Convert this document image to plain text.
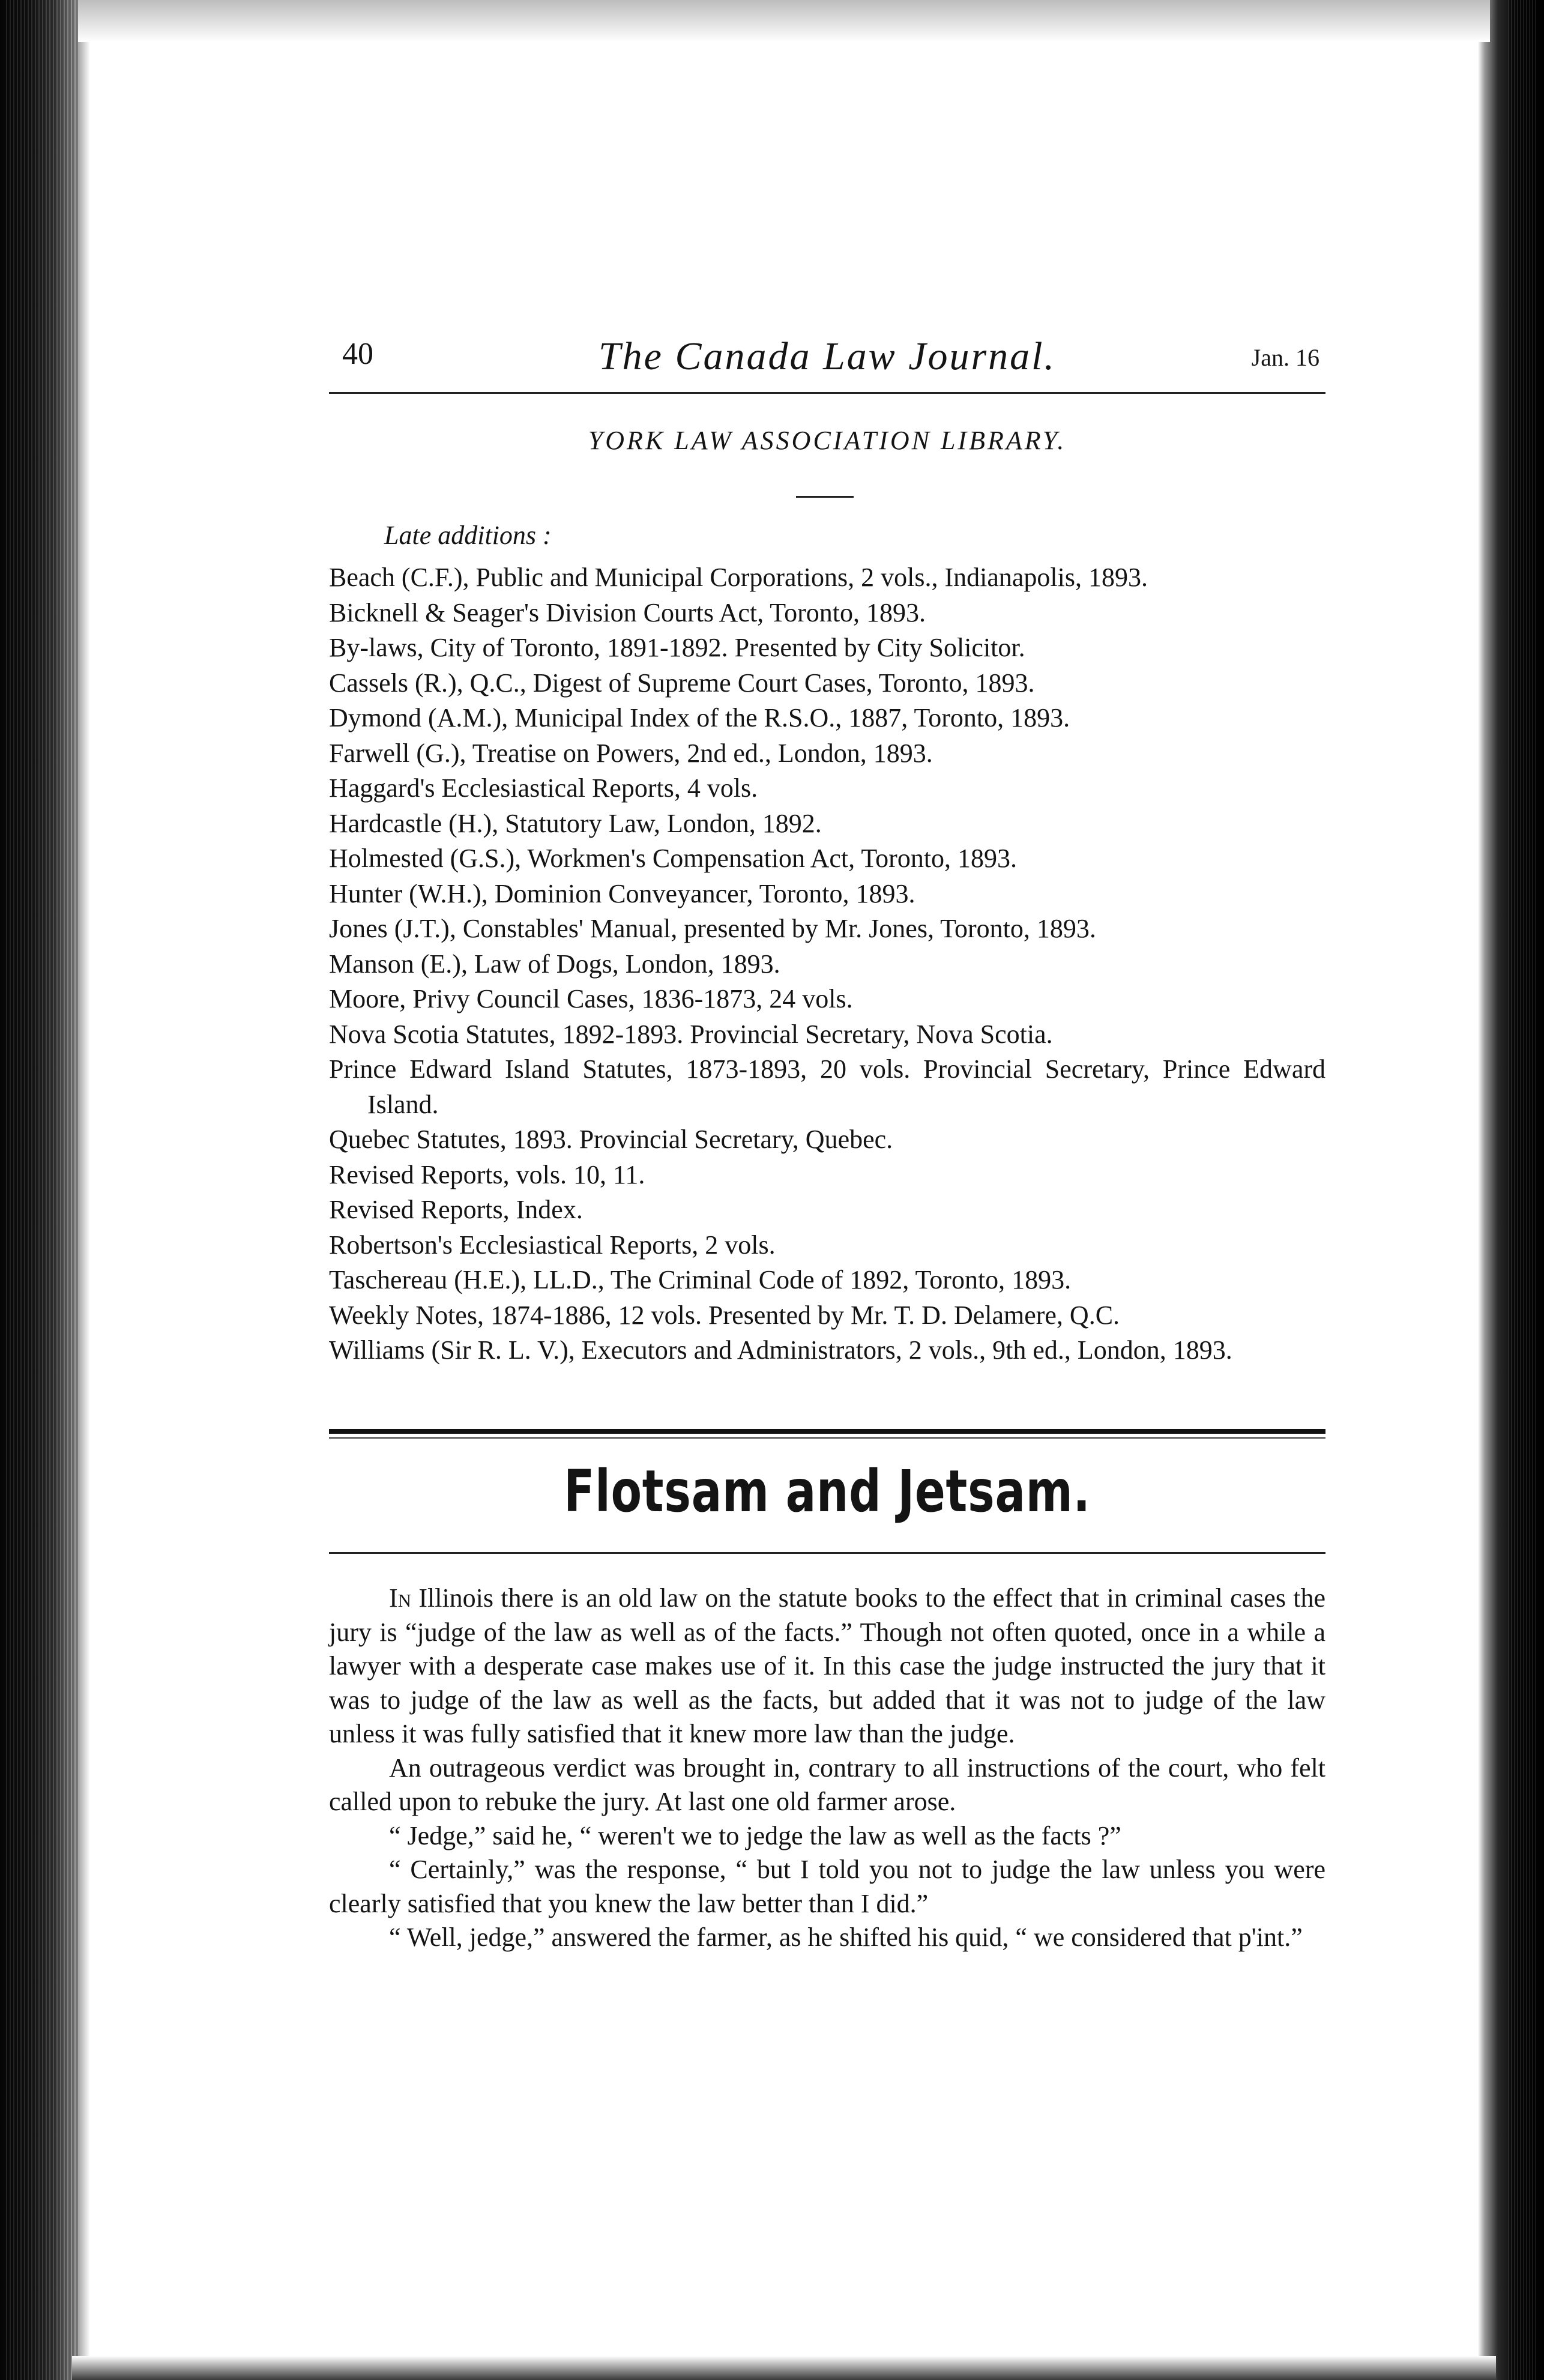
40	The Canada Law Journal.	Jan. 16
YORK LAW ASSOCIATION LIBRARY.
Late additions :
Beach (C.F.), Public and Municipal Corporations, 2 vols., Indianapolis, 1893.
Bicknell & Seager's Division Courts Act, Toronto, 1893.
By-laws, City of Toronto, 1891-1892. Presented by City Solicitor.
Cassels (R.), Q.C., Digest of Supreme Court Cases, Toronto, 1893.
Dymond (A.M.), Municipal Index of the R.S.O., 1887, Toronto, 1893.
Farwell (G.), Treatise on Powers, 2nd ed., London, 1893.
Haggard's Ecclesiastical Reports, 4 vols.
Hardcastle (H.), Statutory Law, London, 1892.
Holmested (G.S.), Workmen's Compensation Act, Toronto, 1893.
Hunter (W.H.), Dominion Conveyancer, Toronto, 1893.
Jones (J.T.), Constables' Manual, presented by Mr. Jones, Toronto, 1893.
Manson (E.), Law of Dogs, London, 1893.
Moore, Privy Council Cases, 1836-1873, 24 vols.
Nova Scotia Statutes, 1892-1893. Provincial Secretary, Nova Scotia.
Prince Edward Island Statutes, 1873-1893, 20 vols. Provincial Secretary, Prince Edward Island.
Quebec Statutes, 1893. Provincial Secretary, Quebec.
Revised Reports, vols. 10, 11.
Revised Reports, Index.
Robertson's Ecclesiastical Reports, 2 vols.
Taschereau (H.E.), LL.D., The Criminal Code of 1892, Toronto, 1893.
Weekly Notes, 1874-1886, 12 vols. Presented by Mr. T. D. Delamere, Q.C.
Williams (Sir R. L. V.), Executors and Administrators, 2 vols., 9th ed., London, 1893.
Flotsam and Jetsam.

In Illinois there is an old law on the statute books to the effect that in criminal cases the jury is “judge of the law as well as of the facts.” Though not often quoted, once in a while a lawyer with a desperate case makes use of it. In this case the judge instructed the jury that it was to judge of the law as well as the facts, but added that it was not to judge of the law unless it was fully satisfied that it knew more law than the judge.

An outrageous verdict was brought in, contrary to all instructions of the court, who felt called upon to rebuke the jury. At last one old farmer arose.

“ Jedge,” said he, “ weren't we to jedge the law as well as the facts ?”

“ Certainly,” was the response, “ but I told you not to judge the law unless you were clearly satisfied that you knew the law better than I did.”

“ Well, jedge,” answered the farmer, as he shifted his quid, “ we considered that p'int.”
